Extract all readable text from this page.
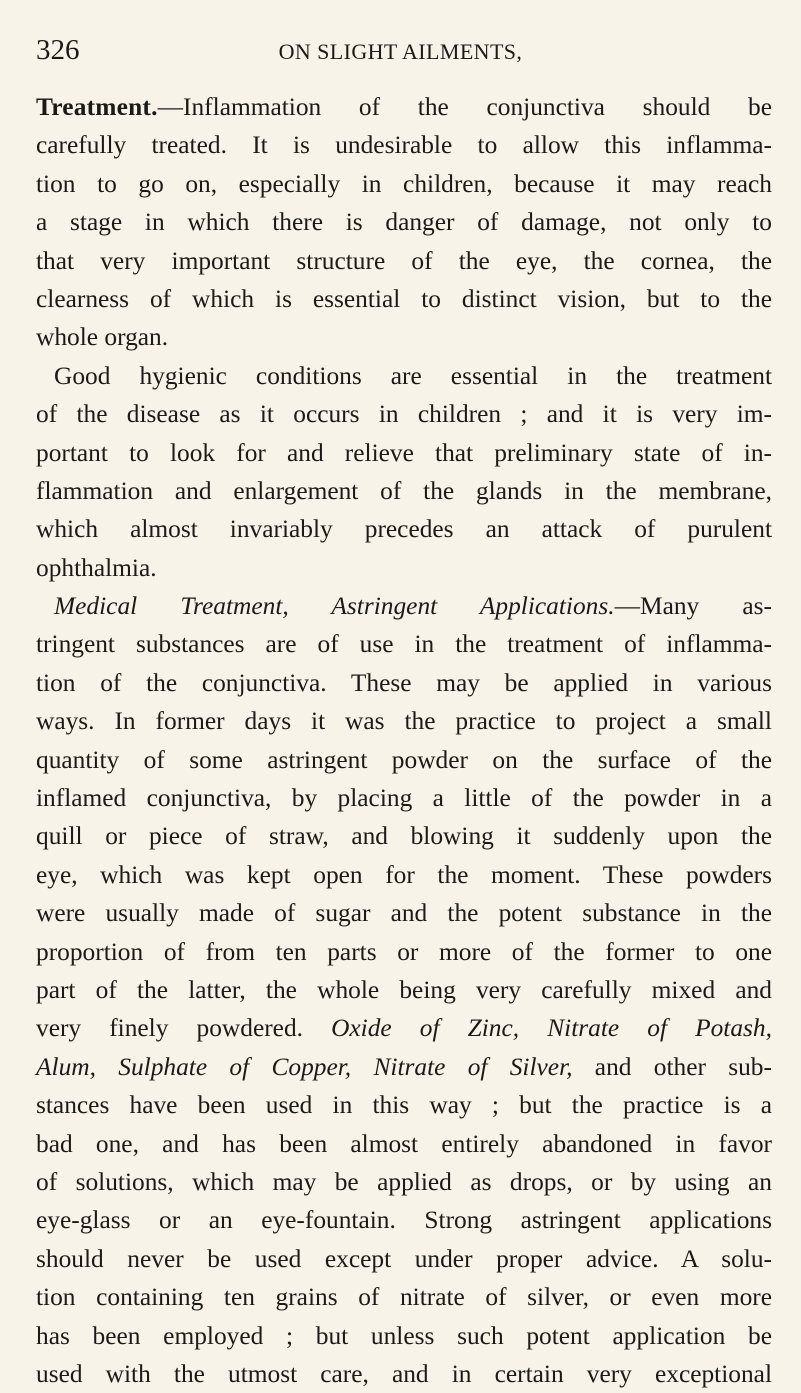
326	ON SLIGHT AILMENTS,
Treatment.—Inflammation of the conjunctiva should be
carefully treated. It is undesirable to allow this inflamma-
tion to go on, especially in children, because it may reach
a stage in which there is danger of damage, not only to
that very important structure of the eye, the cornea, the
clearness of which is essential to distinct vision, but to the
whole organ.
Good hygienic conditions are essential in the treatment
of the disease as it occurs in children ; and it is very im-
portant to look for and relieve that preliminary state of in-
flammation and enlargement of the glands in the membrane,
which almost invariably precedes an attack of purulent
ophthalmia.
Medical Treatment, Astringent Applications.—Many as-
tringent substances are of use in the treatment of inflamma-
tion of the conjunctiva. These may be applied in various
ways. In former days it was the practice to project a small
quantity of some astringent powder on the surface of the
inflamed conjunctiva, by placing a little of the powder in a
quill or piece of straw, and blowing it suddenly upon the
eye, which was kept open for the moment. These powders
were usually made of sugar and the potent substance in the
proportion of from ten parts or more of the former to one
part of the latter, the whole being very carefully mixed and
very finely powdered. Oxide of Zinc, Nitrate of Potash,
Alum, Sulphate of Copper, Nitrate of Silver, and other sub-
stances have been used in this way ; but the practice is a
bad one, and has been almost entirely abandoned in favor
of solutions, which may be applied as drops, or by using an
eye-glass or an eye-fountain. Strong astringent applications
should never be used except under proper advice. A solu-
tion containing ten grains of nitrate of silver, or even more
has been employed ; but unless such potent application be
used with the utmost care, and in certain very exceptional
